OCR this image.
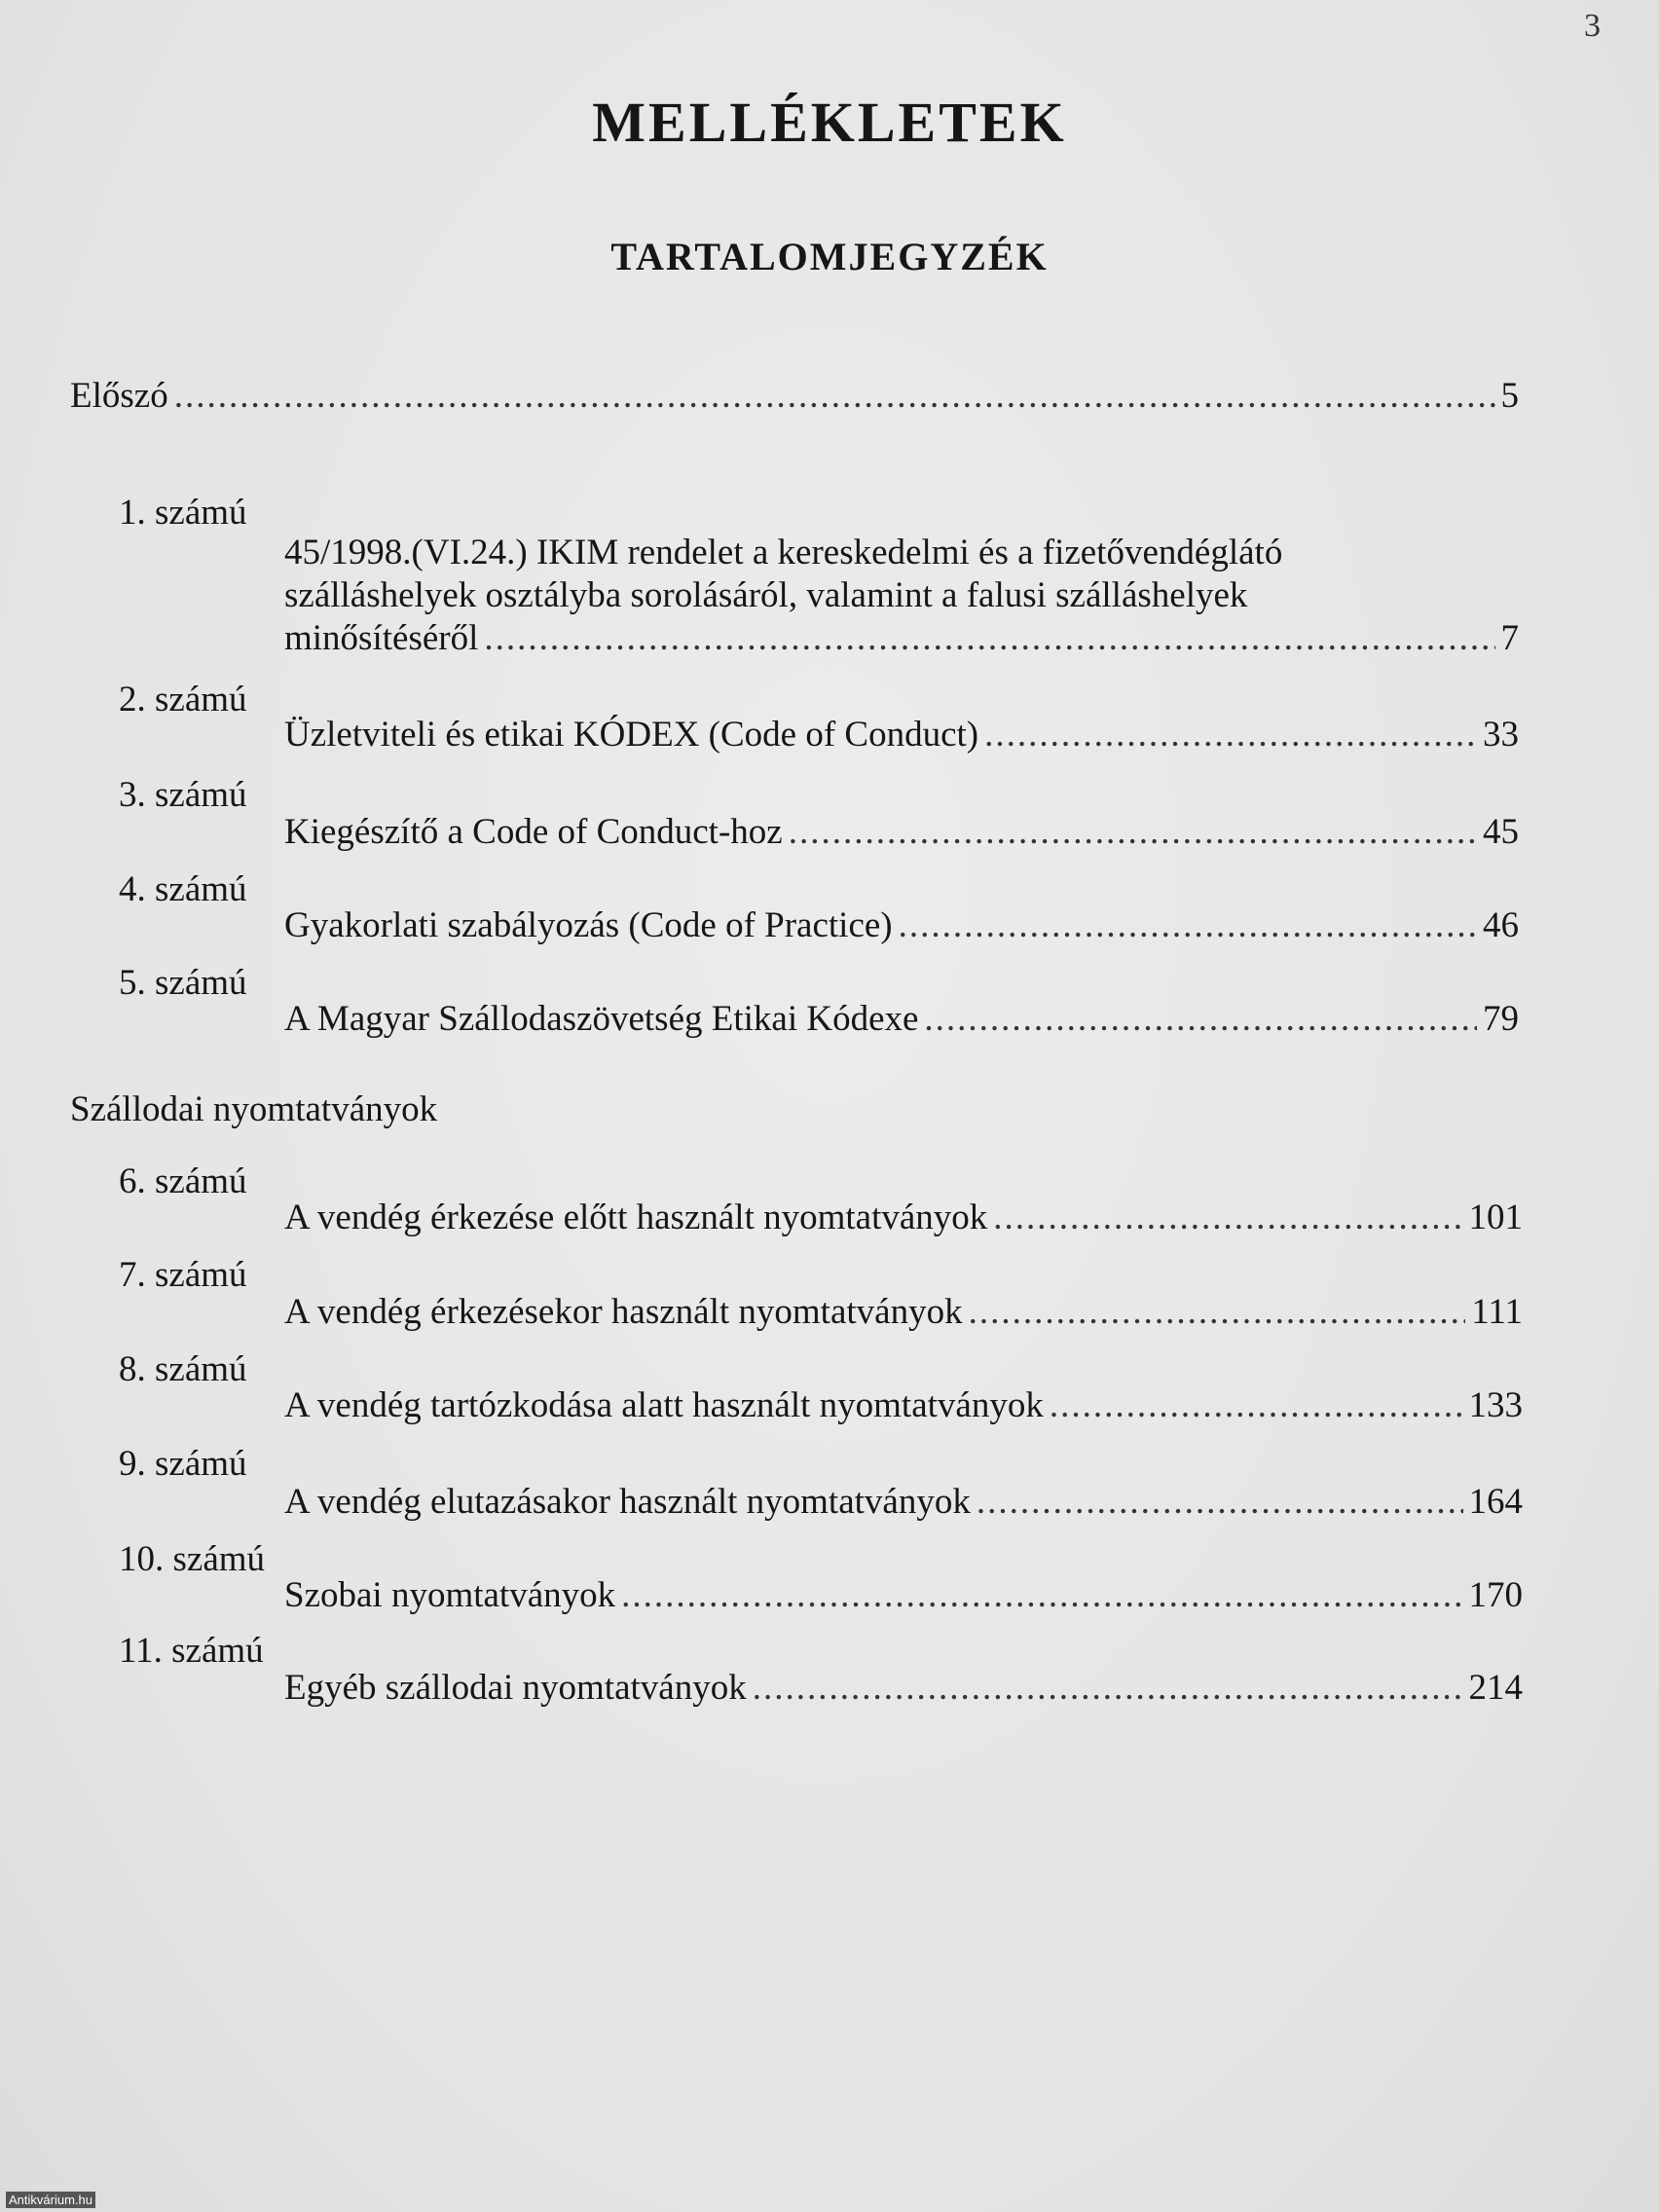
3
MELLÉKLETEK
TARTALOMJEGYZÉK
Előszó .....	5
1. számú
45/1998.(VI.24.) IKIM rendelet a kereskedelmi és a fizetővendéglátó
szálláshelyek osztályba sorolásáról, valamint a falusi szálláshelyek
minősítéséről .....	7
2. számú
Üzletviteli és etikai KÓDEX (Code of Conduct) .....	33
3. számú
Kiegészítő a Code of Conduct-hoz .....	45
4. számú
Gyakorlati szabályozás (Code of Practice) .....	46
5. számú
A Magyar Szállodaszövetség Etikai Kódexe .....	79
Szállodai nyomtatványok
6. számú
A vendég érkezése előtt használt nyomtatványok .....	101
7. számú
A vendég érkezésekor használt nyomtatványok .....	111
8. számú
A vendég tartózkodása alatt használt nyomtatványok .....	133
9. számú
A vendég elutazásakor használt nyomtatványok .....	164
10. számú
Szobai nyomtatványok .....	170
11. számú
Egyéb szállodai nyomtatványok .....	214
Antikvárium.hu
